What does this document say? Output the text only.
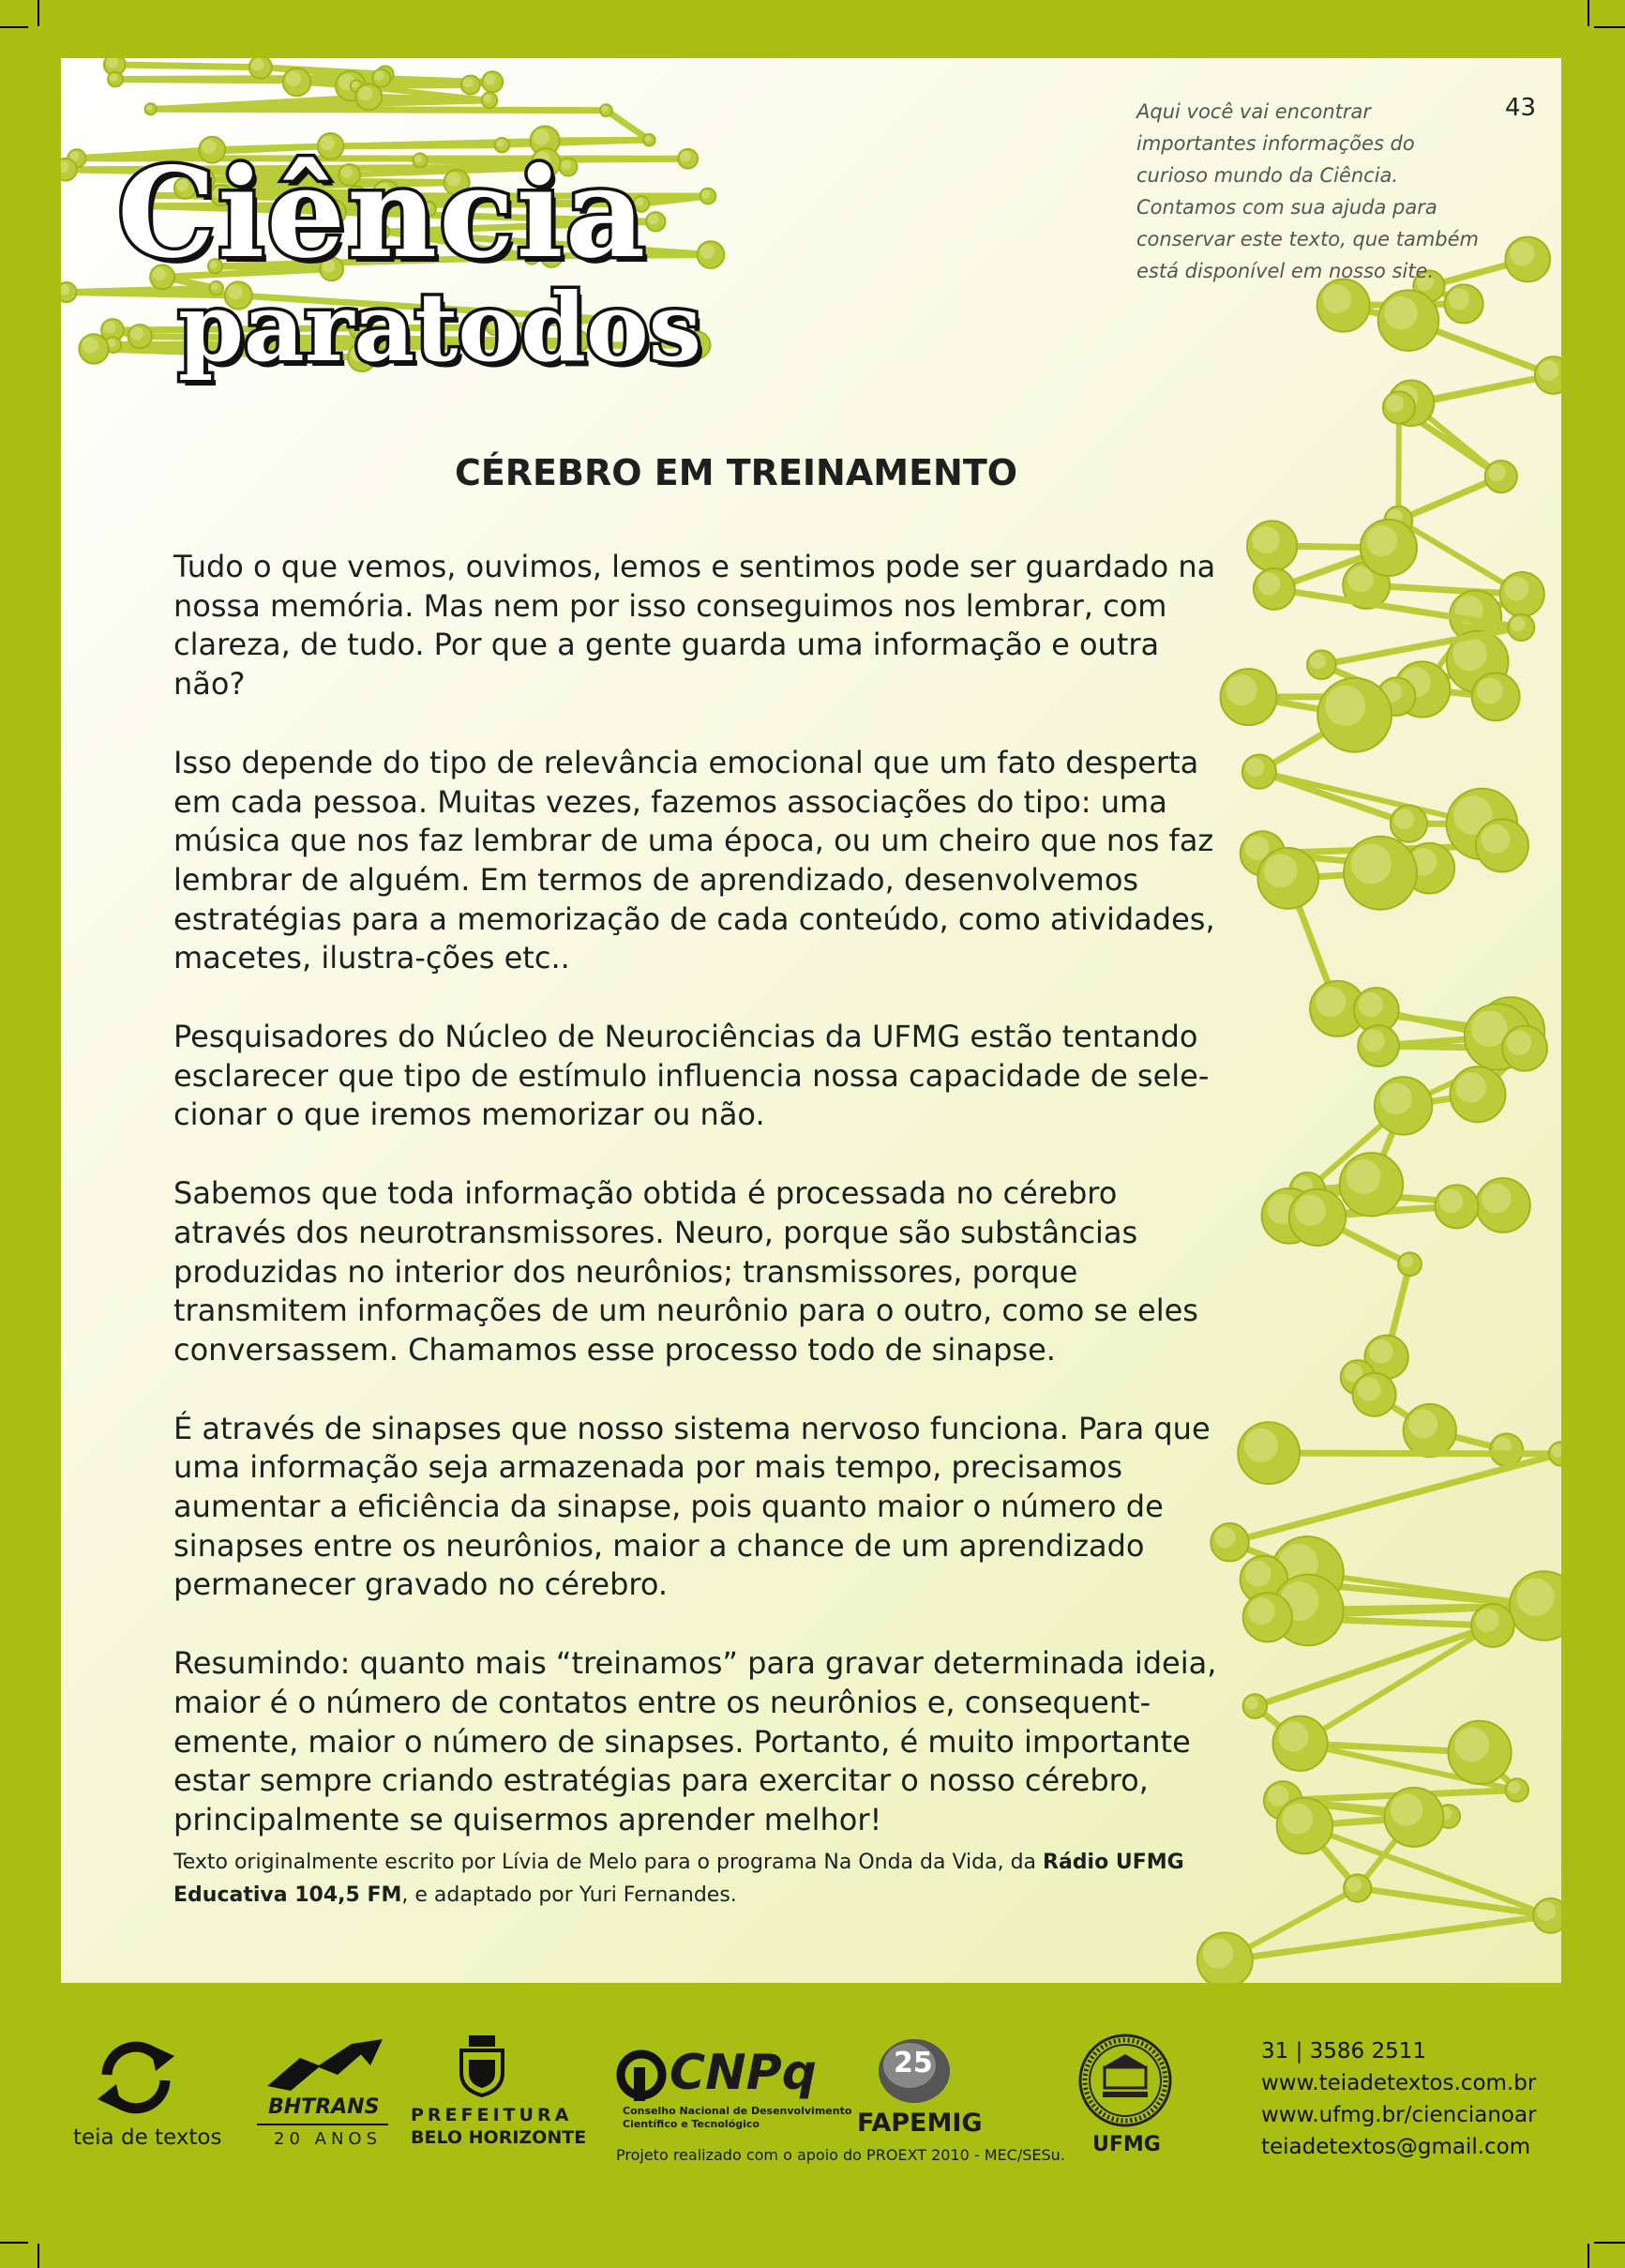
Ciência
paratodos
Aqui você vai encontrar importantes informações do curioso mundo da Ciência. Contamos com sua ajuda para conservar este texto, que também está disponível em nosso site.
43
CÉREBRO EM TREINAMENTO

Tudo o que vemos, ouvimos, lemos e sentimos pode ser guardado na nossa memória. Mas nem por isso conseguimos nos lembrar, com clareza, de tudo. Por que a gente guarda uma informação e outra não?

Isso depende do tipo de relevância emocional que um fato desperta em cada pessoa. Muitas vezes, fazemos associações do tipo: uma música que nos faz lembrar de uma época, ou um cheiro que nos faz lembrar de alguém. Em termos de aprendizado, desenvolvemos estratégias para a memorização de cada conteúdo, como atividades, macetes, ilustra-ções etc..

Pesquisadores do Núcleo de Neurociências da UFMG estão tentando esclarecer que tipo de estímulo influencia nossa capacidade de sele-cionar o que iremos memorizar ou não.

Sabemos que toda informação obtida é processada no cérebro através dos neurotransmissores. Neuro, porque são substâncias produzidas no interior dos neurônios; transmissores, porque transmitem informações de um neurônio para o outro, como se eles conversassem. Chamamos esse processo todo de sinapse.

É através de sinapses que nosso sistema nervoso funciona. Para que uma informação seja armazenada por mais tempo, precisamos aumentar a eficiência da sinapse, pois quanto maior o número de sinapses entre os neurônios, maior a chance de um aprendizado permanecer gravado no cérebro.

Resumindo: quanto mais “treinamos” para gravar determinada ideia, maior é o número de contatos entre os neurônios e, consequent-emente, maior o número de sinapses. Portanto, é muito importante estar sempre criando estratégias para exercitar o nosso cérebro, principalmente se quisermos aprender melhor!

Texto originalmente escrito por Lívia de Melo para o programa Na Onda da Vida, da Rádio UFMG Educativa 104,5 FM, e adaptado por Yuri Fernandes.
teia de textos
BHTRANS
20 ANOS
PREFEITURA
BELO HORIZONTE
CNPq
Conselho Nacional de Desenvolvimento
Científico e Tecnológico
25
FAPEMIG
UFMG
Projeto realizado com o apoio do PROEXT 2010 - MEC/SESu.
31 | 3586 2511
www.teiadetextos.com.br
www.ufmg.br/ciencianoar
teiadetextos@gmail.com
